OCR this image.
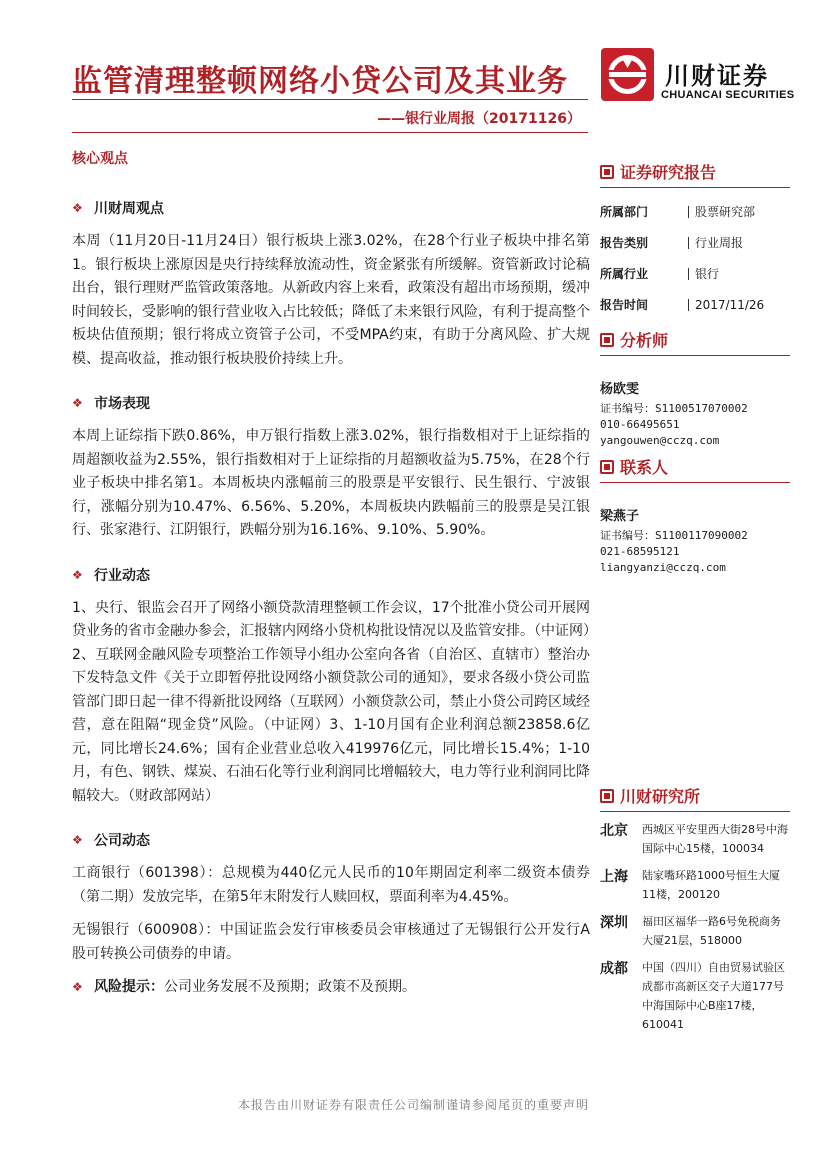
监管清理整顿网络小贷公司及其业务
——银行业周报（20171126）
川财证券
CHUANCAI SECURITIES
核心观点
❖ 川财周观点

本周（11月20日-11月24日）银行板块上涨3.02%，在28个行业子板块中排名第1。银行板块上涨原因是央行持续释放流动性，资金紧张有所缓解。资管新政讨论稿出台，银行理财严监管政策落地。从新政内容上来看，政策没有超出市场预期，缓冲时间较长，受影响的银行营业收入占比较低；降低了未来银行风险，有利于提高整个板块估值预期；银行将成立资管子公司，不受MPA约束，有助于分离风险、扩大规模、提高收益，推动银行板块股价持续上升。

❖ 市场表现

本周上证综指下跌0.86%，申万银行指数上涨3.02%，银行指数相对于上证综指的周超额收益为2.55%，银行指数相对于上证综指的月超额收益为5.75%，在28个行业子板块中排名第1。本周板块内涨幅前三的股票是平安银行、民生银行、宁波银行，涨幅分别为10.47%、6.56%、5.20%，本周板块内跌幅前三的股票是吴江银行、张家港行、江阴银行，跌幅分别为16.16%、9.10%、5.90%。

❖ 行业动态

1、央行、银监会召开了网络小额贷款清理整顿工作会议，17个批准小贷公司开展网贷业务的省市金融办参会，汇报辖内网络小贷机构批设情况以及监管安排。（中证网）2、互联网金融风险专项整治工作领导小组办公室向各省（自治区、直辖市）整治办下发特急文件《关于立即暂停批设网络小额贷款公司的通知》，要求各级小贷公司监管部门即日起一律不得新批设网络（互联网）小额贷款公司，禁止小贷公司跨区域经营，意在阻隔“现金贷”风险。（中证网）3、1-10月国有企业利润总额23858.6亿元，同比增长24.6%；国有企业营业总收入419976亿元，同比增长15.4%；1-10月，有色、钢铁、煤炭、石油石化等行业利润同比增幅较大，电力等行业利润同比降幅较大。（财政部网站）

❖ 公司动态

工商银行（601398）：总规模为440亿元人民币的10年期固定利率二级资本债券（第二期）发放完毕，在第5年末附发行人赎回权，票面利率为4.45%。

无锡银行（600908）：中国证监会发行审核委员会审核通过了无锡银行公开发行A股可转换公司债券的申请。

❖ 风险提示： 公司业务发展不及预期；政策不及预期。
证券研究报告
所属部门	股票研究部
报告类别	行业周报
所属行业	银行
报告时间	2017/11/26
分析师
杨欧雯
证书编号：S1100517070002
010-66495651
yangouwen@cczq.com
联系人
梁燕子
证书编号：S1100117090002
021-68595121
liangyanzi@cczq.com
川财研究所
北京	西城区平安里西大街28号中海国际中心15楼，100034
上海	陆家嘴环路1000号恒生大厦11楼，200120
深圳	福田区福华一路6号免税商务大厦21层，518000
成都	中国（四川）自由贸易试验区成都市高新区交子大道177号中海国际中心B座17楼，610041
本报告由川财证券有限责任公司编制谨请参阅尾页的重要声明
